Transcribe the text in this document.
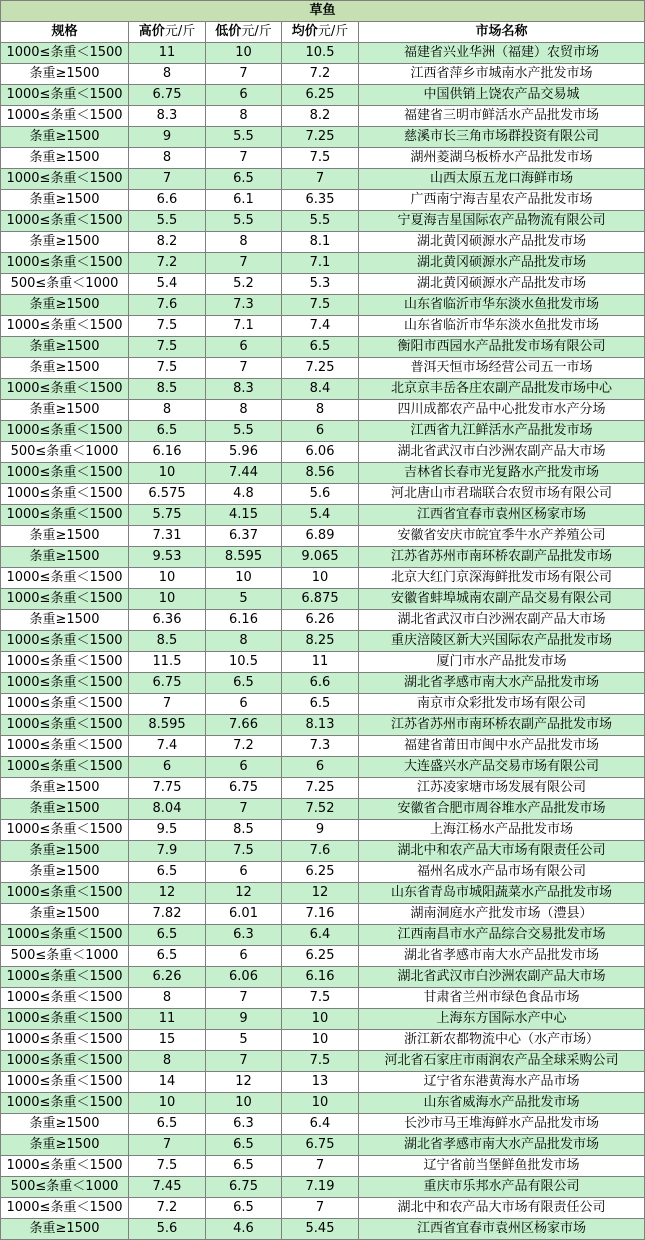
草鱼				
规格	高价元/斤	低价元/斤	均价元/斤	市场名称
1000≤条重＜1500	11	10	10.5	福建省兴业华洲（福建）农贸市场
条重≥1500	8	7	7.2	江西省萍乡市城南水产批发市场
1000≤条重＜1500	6.75	6	6.25	中国供销上饶农产品交易城
1000≤条重＜1500	8.3	8	8.2	福建省三明市鲜活水产品批发市场
条重≥1500	9	5.5	7.25	慈溪市长三角市场群投资有限公司
条重≥1500	8	7	7.5	湖州菱湖乌板桥水产品批发市场
1000≤条重＜1500	7	6.5	7	山西太原五龙口海鲜市场
条重≥1500	6.6	6.1	6.35	广西南宁海吉星农产品批发市场
1000≤条重＜1500	5.5	5.5	5.5	宁夏海吉星国际农产品物流有限公司
条重≥1500	8.2	8	8.1	湖北黄冈硕源水产品批发市场
1000≤条重＜1500	7.2	7	7.1	湖北黄冈硕源水产品批发市场
500≤条重＜1000	5.4	5.2	5.3	湖北黄冈硕源水产品批发市场
条重≥1500	7.6	7.3	7.5	山东省临沂市华东淡水鱼批发市场
1000≤条重＜1500	7.5	7.1	7.4	山东省临沂市华东淡水鱼批发市场
条重≥1500	7.5	6	6.5	衡阳市西园水产品批发市场有限公司
条重≥1500	7.5	7	7.25	普洱天恒市场经营公司五一市场
1000≤条重＜1500	8.5	8.3	8.4	北京京丰岳各庄农副产品批发市场中心
条重≥1500	8	8	8	四川成都农产品中心批发市水产分场
1000≤条重＜1500	6.5	5.5	6	江西省九江鲜活水产品批发市场
500≤条重＜1000	6.16	5.96	6.06	湖北省武汉市白沙洲农副产品大市场
1000≤条重＜1500	10	7.44	8.56	吉林省长春市光复路水产批发市场
1000≤条重＜1500	6.575	4.8	5.6	河北唐山市君瑞联合农贸市场有限公司
1000≤条重＜1500	5.75	4.15	5.4	江西省宜春市袁州区杨家市场
条重≥1500	7.31	6.37	6.89	安徽省安庆市皖宜季牛水产养殖公司
条重≥1500	9.53	8.595	9.065	江苏省苏州市南环桥农副产品批发市场
1000≤条重＜1500	10	10	10	北京大红门京深海鲜批发市场有限公司
1000≤条重＜1500	10	5	6.875	安徽省蚌埠城南农副产品交易有限公司
条重≥1500	6.36	6.16	6.26	湖北省武汉市白沙洲农副产品大市场
1000≤条重＜1500	8.5	8	8.25	重庆涪陵区新大兴国际农产品批发市场
1000≤条重＜1500	11.5	10.5	11	厦门市水产品批发市场
1000≤条重＜1500	6.75	6.5	6.6	湖北省孝感市南大水产品批发市场
1000≤条重＜1500	7	6	6.5	南京市众彩批发市场有限公司
1000≤条重＜1500	8.595	7.66	8.13	江苏省苏州市南环桥农副产品批发市场
1000≤条重＜1500	7.4	7.2	7.3	福建省莆田市闽中水产品批发市场
1000≤条重＜1500	6	6	6	大连盛兴水产品交易市场有限公司
条重≥1500	7.75	6.75	7.25	江苏凌家塘市场发展有限公司
条重≥1500	8.04	7	7.52	安徽省合肥市周谷堆水产品批发市场
1000≤条重＜1500	9.5	8.5	9	上海江杨水产品批发市场
条重≥1500	7.9	7.5	7.6	湖北中和农产品大市场有限责任公司
条重≥1500	6.5	6	6.25	福州名成水产品市场有限公司
1000≤条重＜1500	12	12	12	山东省青岛市城阳蔬菜水产品批发市场
条重≥1500	7.82	6.01	7.16	湖南洞庭水产批发市场（澧县）
1000≤条重＜1500	6.5	6.3	6.4	江西南昌市水产品综合交易批发市场
500≤条重＜1000	6.5	6	6.25	湖北省孝感市南大水产品批发市场
1000≤条重＜1500	6.26	6.06	6.16	湖北省武汉市白沙洲农副产品大市场
1000≤条重＜1500	8	7	7.5	甘肃省兰州市绿色食品市场
1000≤条重＜1500	11	9	10	上海东方国际水产中心
1000≤条重＜1500	15	5	10	浙江新农都物流中心（水产市场）
1000≤条重＜1500	8	7	7.5	河北省石家庄市雨润农产品全球采购公司
1000≤条重＜1500	14	12	13	辽宁省东港黄海水产品市场
1000≤条重＜1500	10	10	10	山东省威海水产品批发市场
条重≥1500	6.5	6.3	6.4	长沙市马王堆海鲜水产品批发市场
条重≥1500	7	6.5	6.75	湖北省孝感市南大水产品批发市场
1000≤条重＜1500	7.5	6.5	7	辽宁省前当堡鲜鱼批发市场
500≤条重＜1000	7.45	6.75	7.19	重庆市乐邦水产品有限公司
1000≤条重＜1500	7.2	6.5	7	湖北中和农产品大市场有限责任公司
条重≥1500	5.6	4.6	5.45	江西省宜春市袁州区杨家市场
